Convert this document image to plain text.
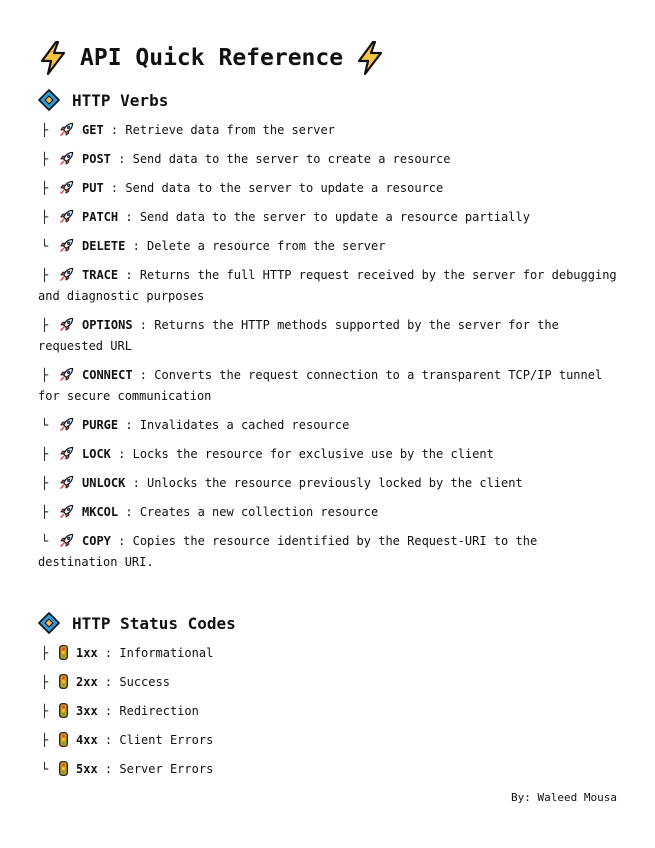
API Quick Reference
HTTP Verbs
├	GET : Retrieve data from the server
├	POST : Send data to the server to create a resource
├	PUT : Send data to the server to update a resource
├	PATCH : Send data to the server to update a resource partially
└	DELETE : Delete a resource from the server
├	TRACE : Returns the full HTTP request received by the server for debugging and diagnostic purposes
├	OPTIONS : Returns the HTTP methods supported by the server for the requested URL
├	CONNECT : Converts the request connection to a transparent TCP/IP tunnel for secure communication
└	PURGE : Invalidates a cached resource
├	LOCK : Locks the resource for exclusive use by the client
├	UNLOCK : Unlocks the resource previously locked by the client
├	MKCOL : Creates a new collection resource
└	COPY : Copies the resource identified by the Request-URI to the destination URI.
HTTP Status Codes
├ 1xx : Informational
├ 2xx : Success
├ 3xx : Redirection
├ 4xx : Client Errors
└ 5xx : Server Errors
By: Waleed Mousa
